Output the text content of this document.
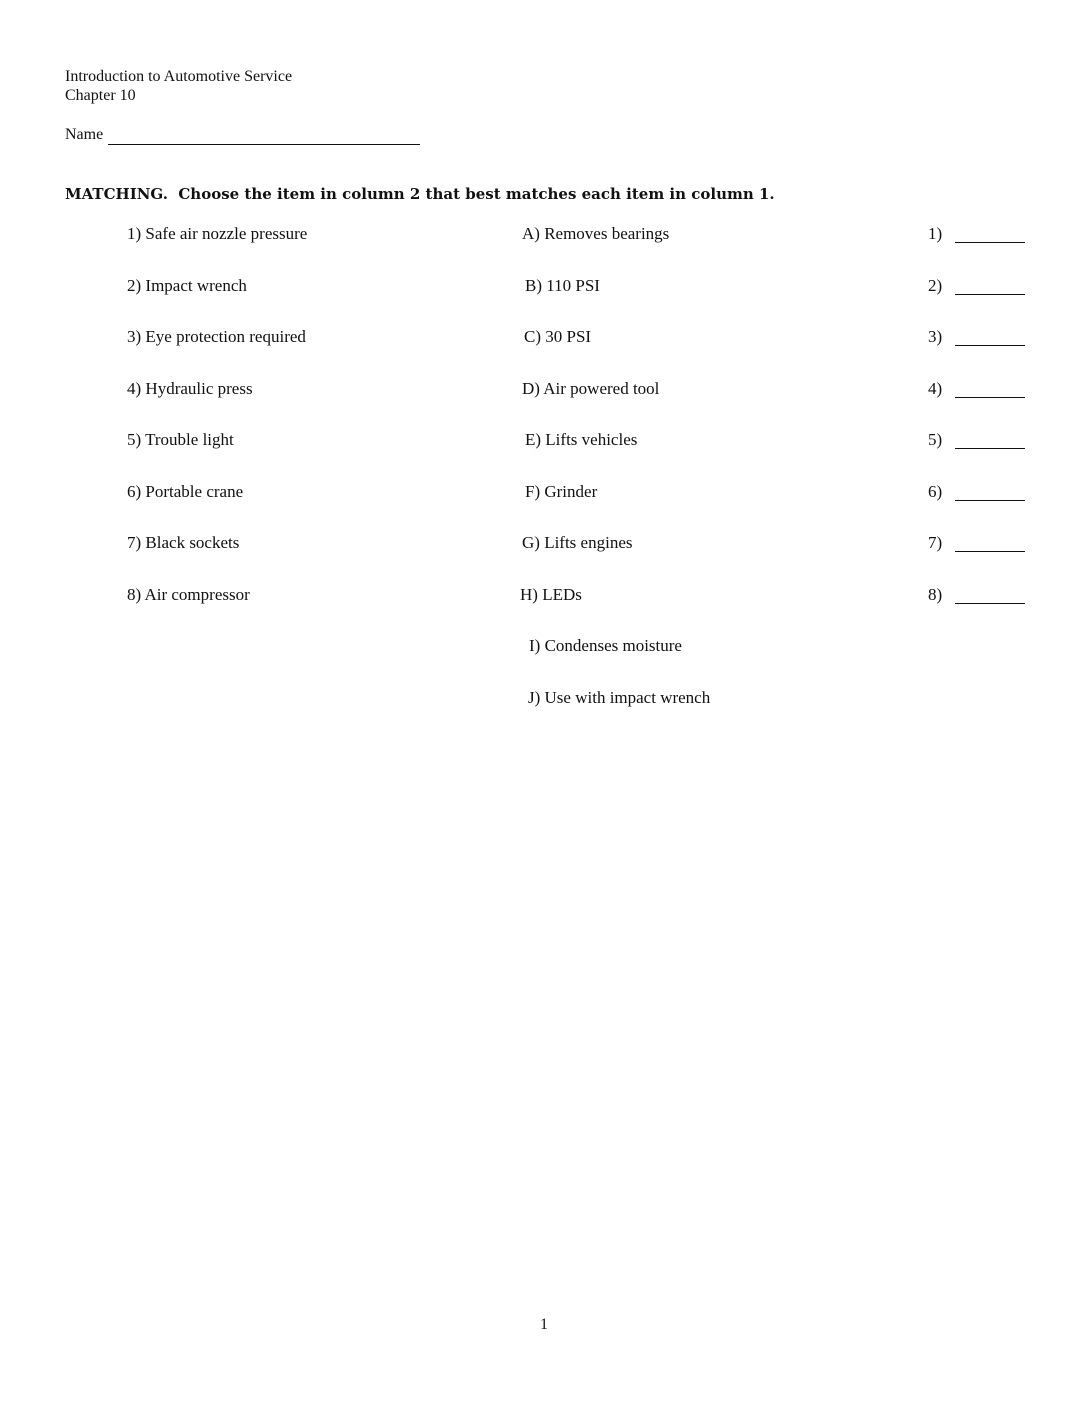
Introduction to Automotive Service
Chapter 10
Name
MATCHING.  Choose the item in column 2 that best matches each item in column 1.
1) Safe air nozzle pressure	A) Removes bearings	1)
2) Impact wrench	B) 110 PSI	2)
3) Eye protection required	C) 30 PSI	3)
4) Hydraulic press	D) Air powered tool	4)
5) Trouble light	E) Lifts vehicles	5)
6) Portable crane	F) Grinder	6)
7) Black sockets	G) Lifts engines	7)
8) Air compressor	H) LEDs	8)
I) Condenses moisture
J) Use with impact wrench
1
